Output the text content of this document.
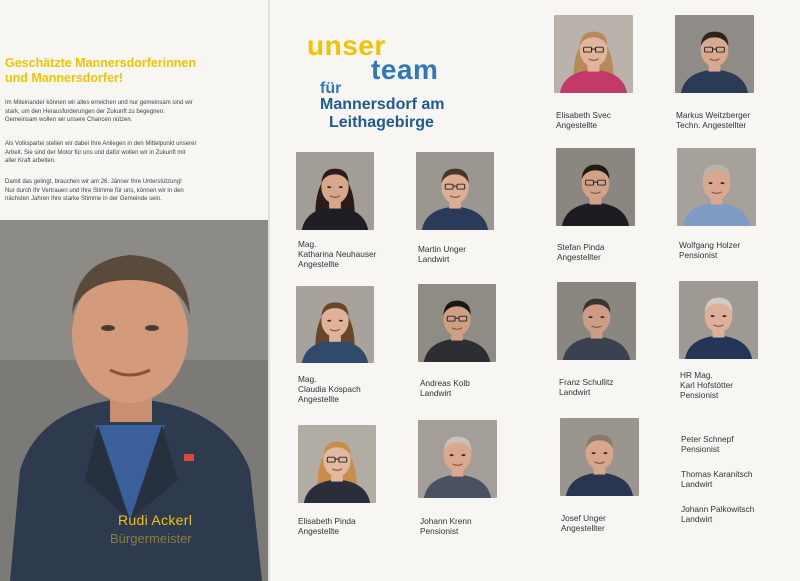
Geschätzte Mannersdorferinnen
und Mannersdorfer!
Im Miteinander können wir alles erreichen und nur gemeinsam sind wir
stark, um den Herausforderungen der Zukunft zu begegnen.
Gemeinsam wollen wir unsere Chancen nützen.
Als Volkspartei stellen wir dabei Ihre Anliegen in den Mittelpunkt unserer
Arbeit. Sie sind der Motor für uns und dafür wollen wir in Zukunft mit
aller Kraft arbeiten.
Damit das gelingt, brauchen wir am 26. Jänner Ihre Unterstützung!
Nur durch Ihr Vertrauen und Ihre Stimme für uns, können wir in den
nächsten Jahren Ihre starke Stimme in der Gemeinde sein.
Rudi Ackerl
Bürgermeister
unser
team
für
Mannersdorf am
Leithagebirge	Elisabeth Svec
Angestellte
Markus Weitzberger
Techn. Angestellter
Mag.
Katharina Neuhauser
Angestellte
Martin Unger
Landwirt
Stefan Pinda
Angestellter
Wolfgang Holzer
Pensionist
Mag.
Claudia Kospach
Angestellte
Andreas Kolb
Landwirt
Franz Schullitz
Landwirt
HR Mag.
Karl Hofstötter
Pensionist
Elisabeth Pinda
Angestellte
Johann Krenn
Pensionist
Josef Unger
Angestellter
Peter Schnepf
Pensionist
Thomas Karanitsch
Landwirt
Johann Palkowitsch
Landwirt
